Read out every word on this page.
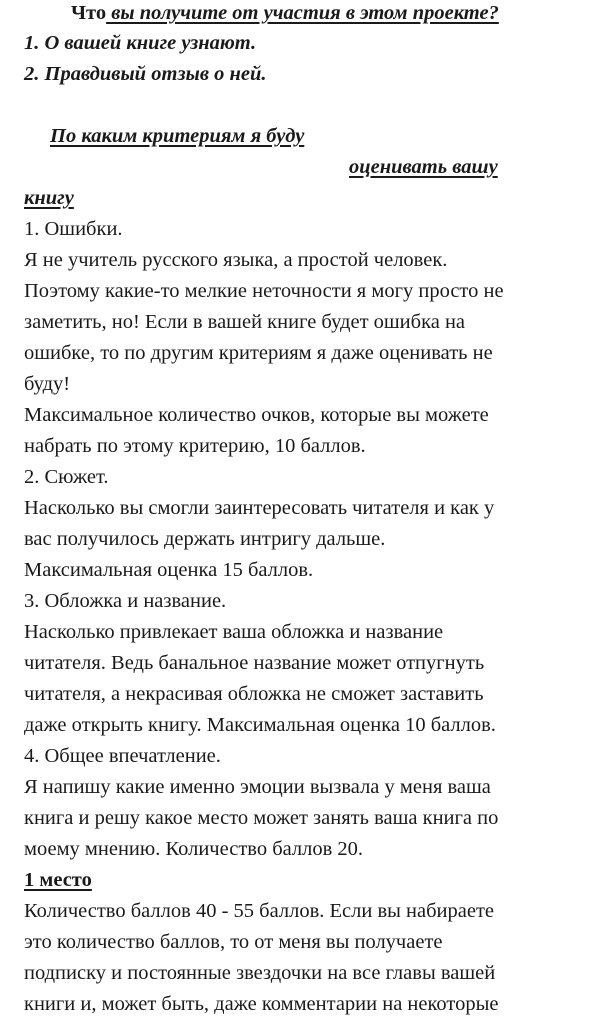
Что вы получите от участия в этом проекте?
1. О вашей книге узнают.
2. Правдивый отзыв о ней.
По каким критериям я буду
оценивать вашу
книгу
1. Ошибки.
Я не учитель русского языка, а простой человек.
Поэтому какие-то мелкие неточности я могу просто не
заметить, но! Если в вашей книге будет ошибка на
ошибке, то по другим критериям я даже оценивать не
буду!
Максимальное количество очков, которые вы можете
набрать по этому критерию, 10 баллов.
2. Сюжет.
Насколько вы смогли заинтересовать читателя и как у
вас получилось держать интригу дальше.
Максимальная оценка 15 баллов.
3. Обложка и название.
Насколько привлекает ваша обложка и название
читателя. Ведь банальное название может отпугнуть
читателя, а некрасивая обложка не сможет заставить
даже открыть книгу. Максимальная оценка 10 баллов.
4. Общее впечатление.
Я напишу какие именно эмоции вызвала у меня ваша
книга и решу какое место может занять ваша книга по
моему мнению. Количество баллов 20.
1 место
Количество баллов 40 - 55 баллов. Если вы набираете
это количество баллов, то от меня вы получаете
подписку и постоянные звездочки на все главы вашей
книги и, может быть, даже комментарии на некоторые
